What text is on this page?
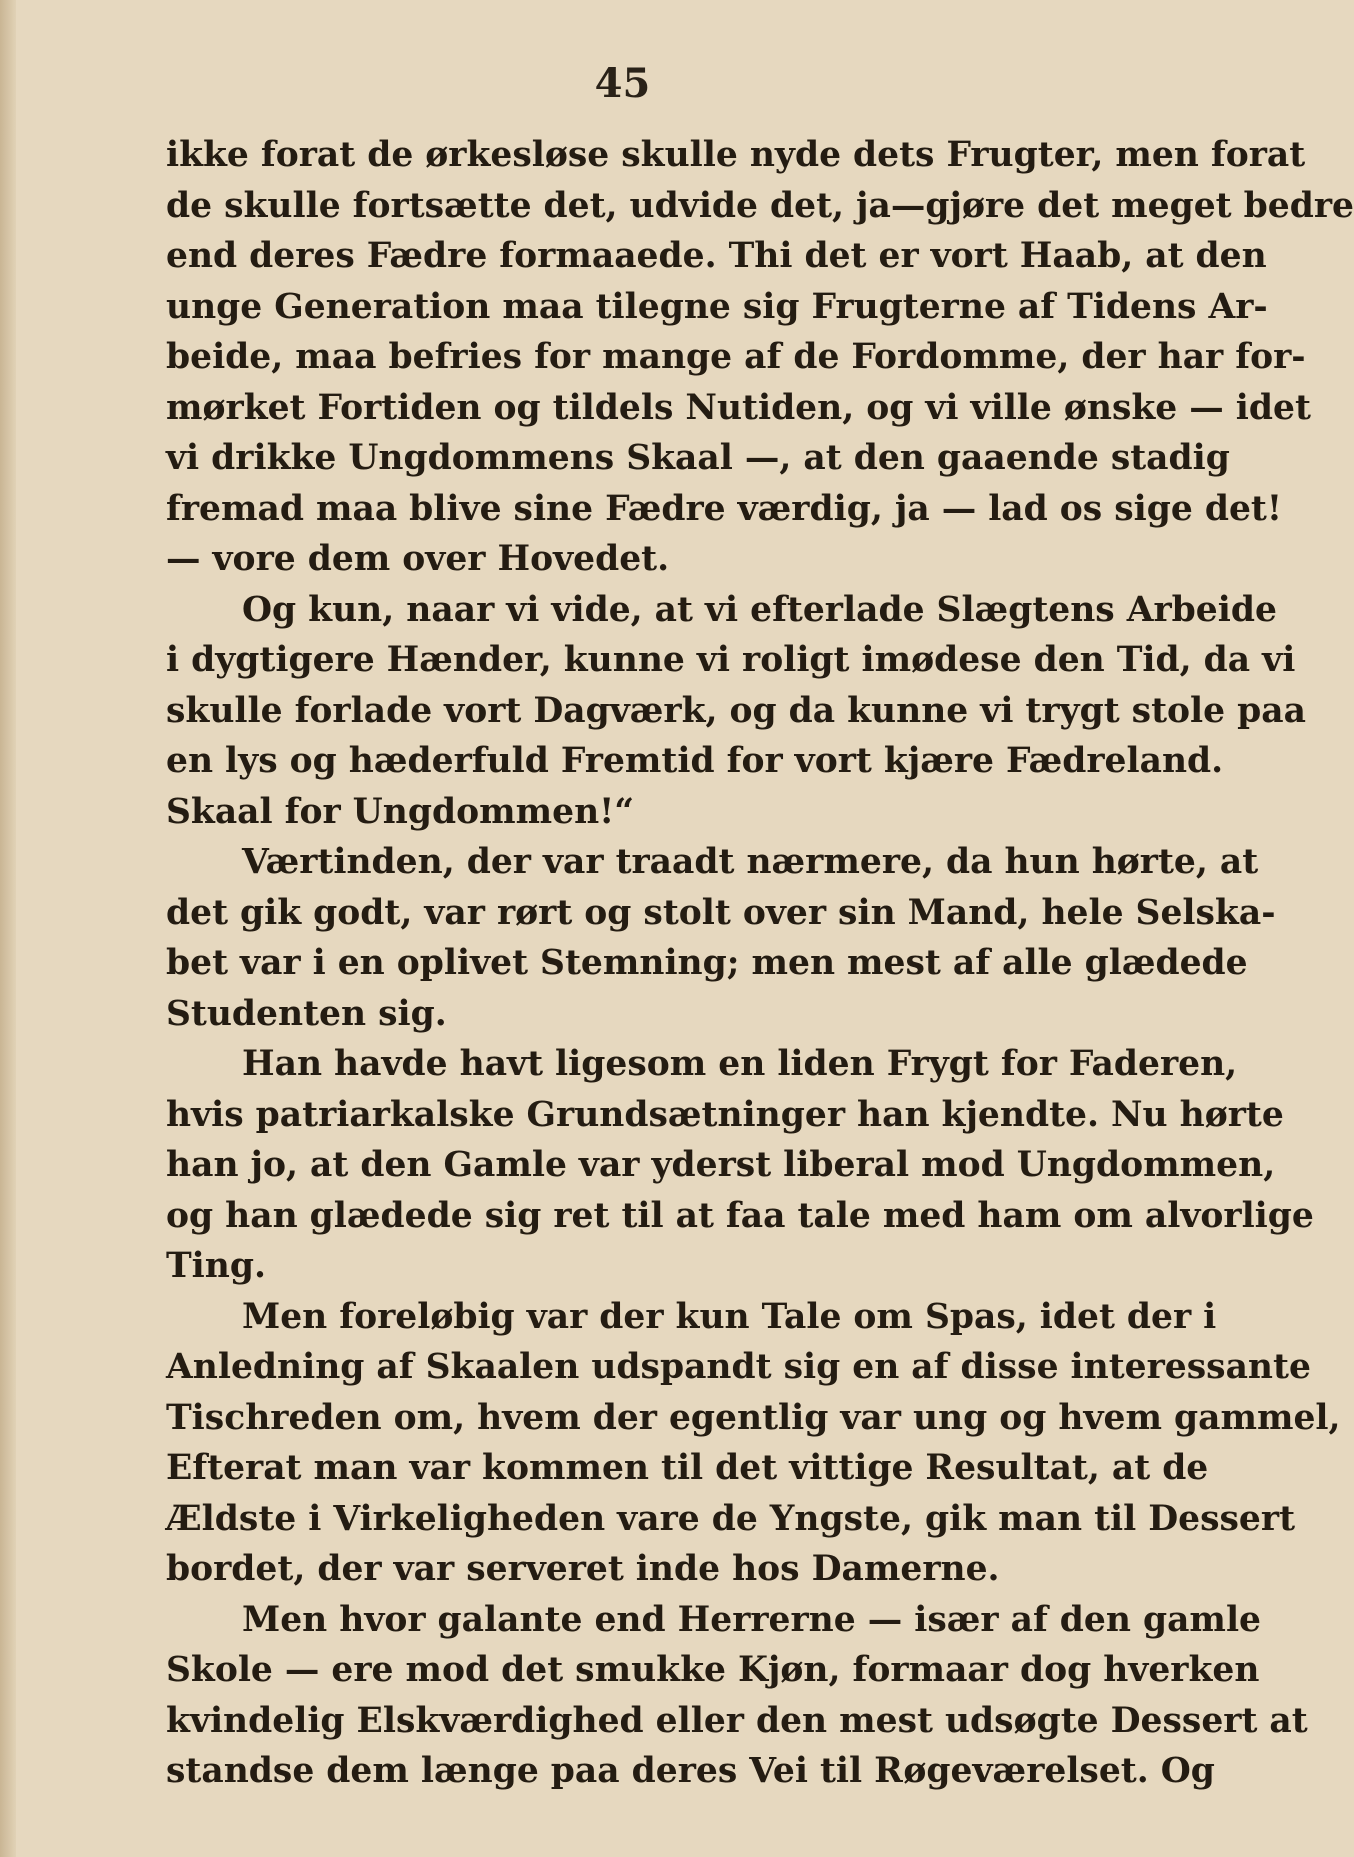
45
ikke forat de ørkesløse skulle nyde dets Frugter, men forat
de skulle fortsætte det, udvide det, ja—gjøre det meget bedre
end deres Fædre formaaede. Thi det er vort Haab, at den
unge Generation maa tilegne sig Frugterne af Tidens Ar-
beide, maa befries for mange af de Fordomme, der har for-
mørket Fortiden og tildels Nutiden, og vi ville ønske — idet
vi drikke Ungdommens Skaal —, at den gaaende stadig
fremad maa blive sine Fædre værdig, ja — lad os sige det!
— vore dem over Hovedet.
Og kun, naar vi vide, at vi efterlade Slægtens Arbeide
i dygtigere Hænder, kunne vi roligt imødese den Tid, da vi
skulle forlade vort Dagværk, og da kunne vi trygt stole paa
en lys og hæderfuld Fremtid for vort kjære Fædreland.
Skaal for Ungdommen!“
Værtinden, der var traadt nærmere, da hun hørte, at
det gik godt, var rørt og stolt over sin Mand, hele Selska-
bet var i en oplivet Stemning; men mest af alle glædede
Studenten sig.
Han havde havt ligesom en liden Frygt for Faderen,
hvis patriarkalske Grundsætninger han kjendte. Nu hørte
han jo, at den Gamle var yderst liberal mod Ungdommen,
og han glædede sig ret til at faa tale med ham om alvorlige
Ting.
Men foreløbig var der kun Tale om Spas, idet der i
Anledning af Skaalen udspandt sig en af disse interessante
Tischreden om, hvem der egentlig var ung og hvem gammel,
Efterat man var kommen til det vittige Resultat, at de
Ældste i Virkeligheden vare de Yngste, gik man til Dessert
bordet, der var serveret inde hos Damerne.
Men hvor galante end Herrerne — især af den gamle
Skole — ere mod det smukke Kjøn, formaar dog hverken
kvindelig Elskværdighed eller den mest udsøgte Dessert at
standse dem længe paa deres Vei til Røgeværelset. Og
